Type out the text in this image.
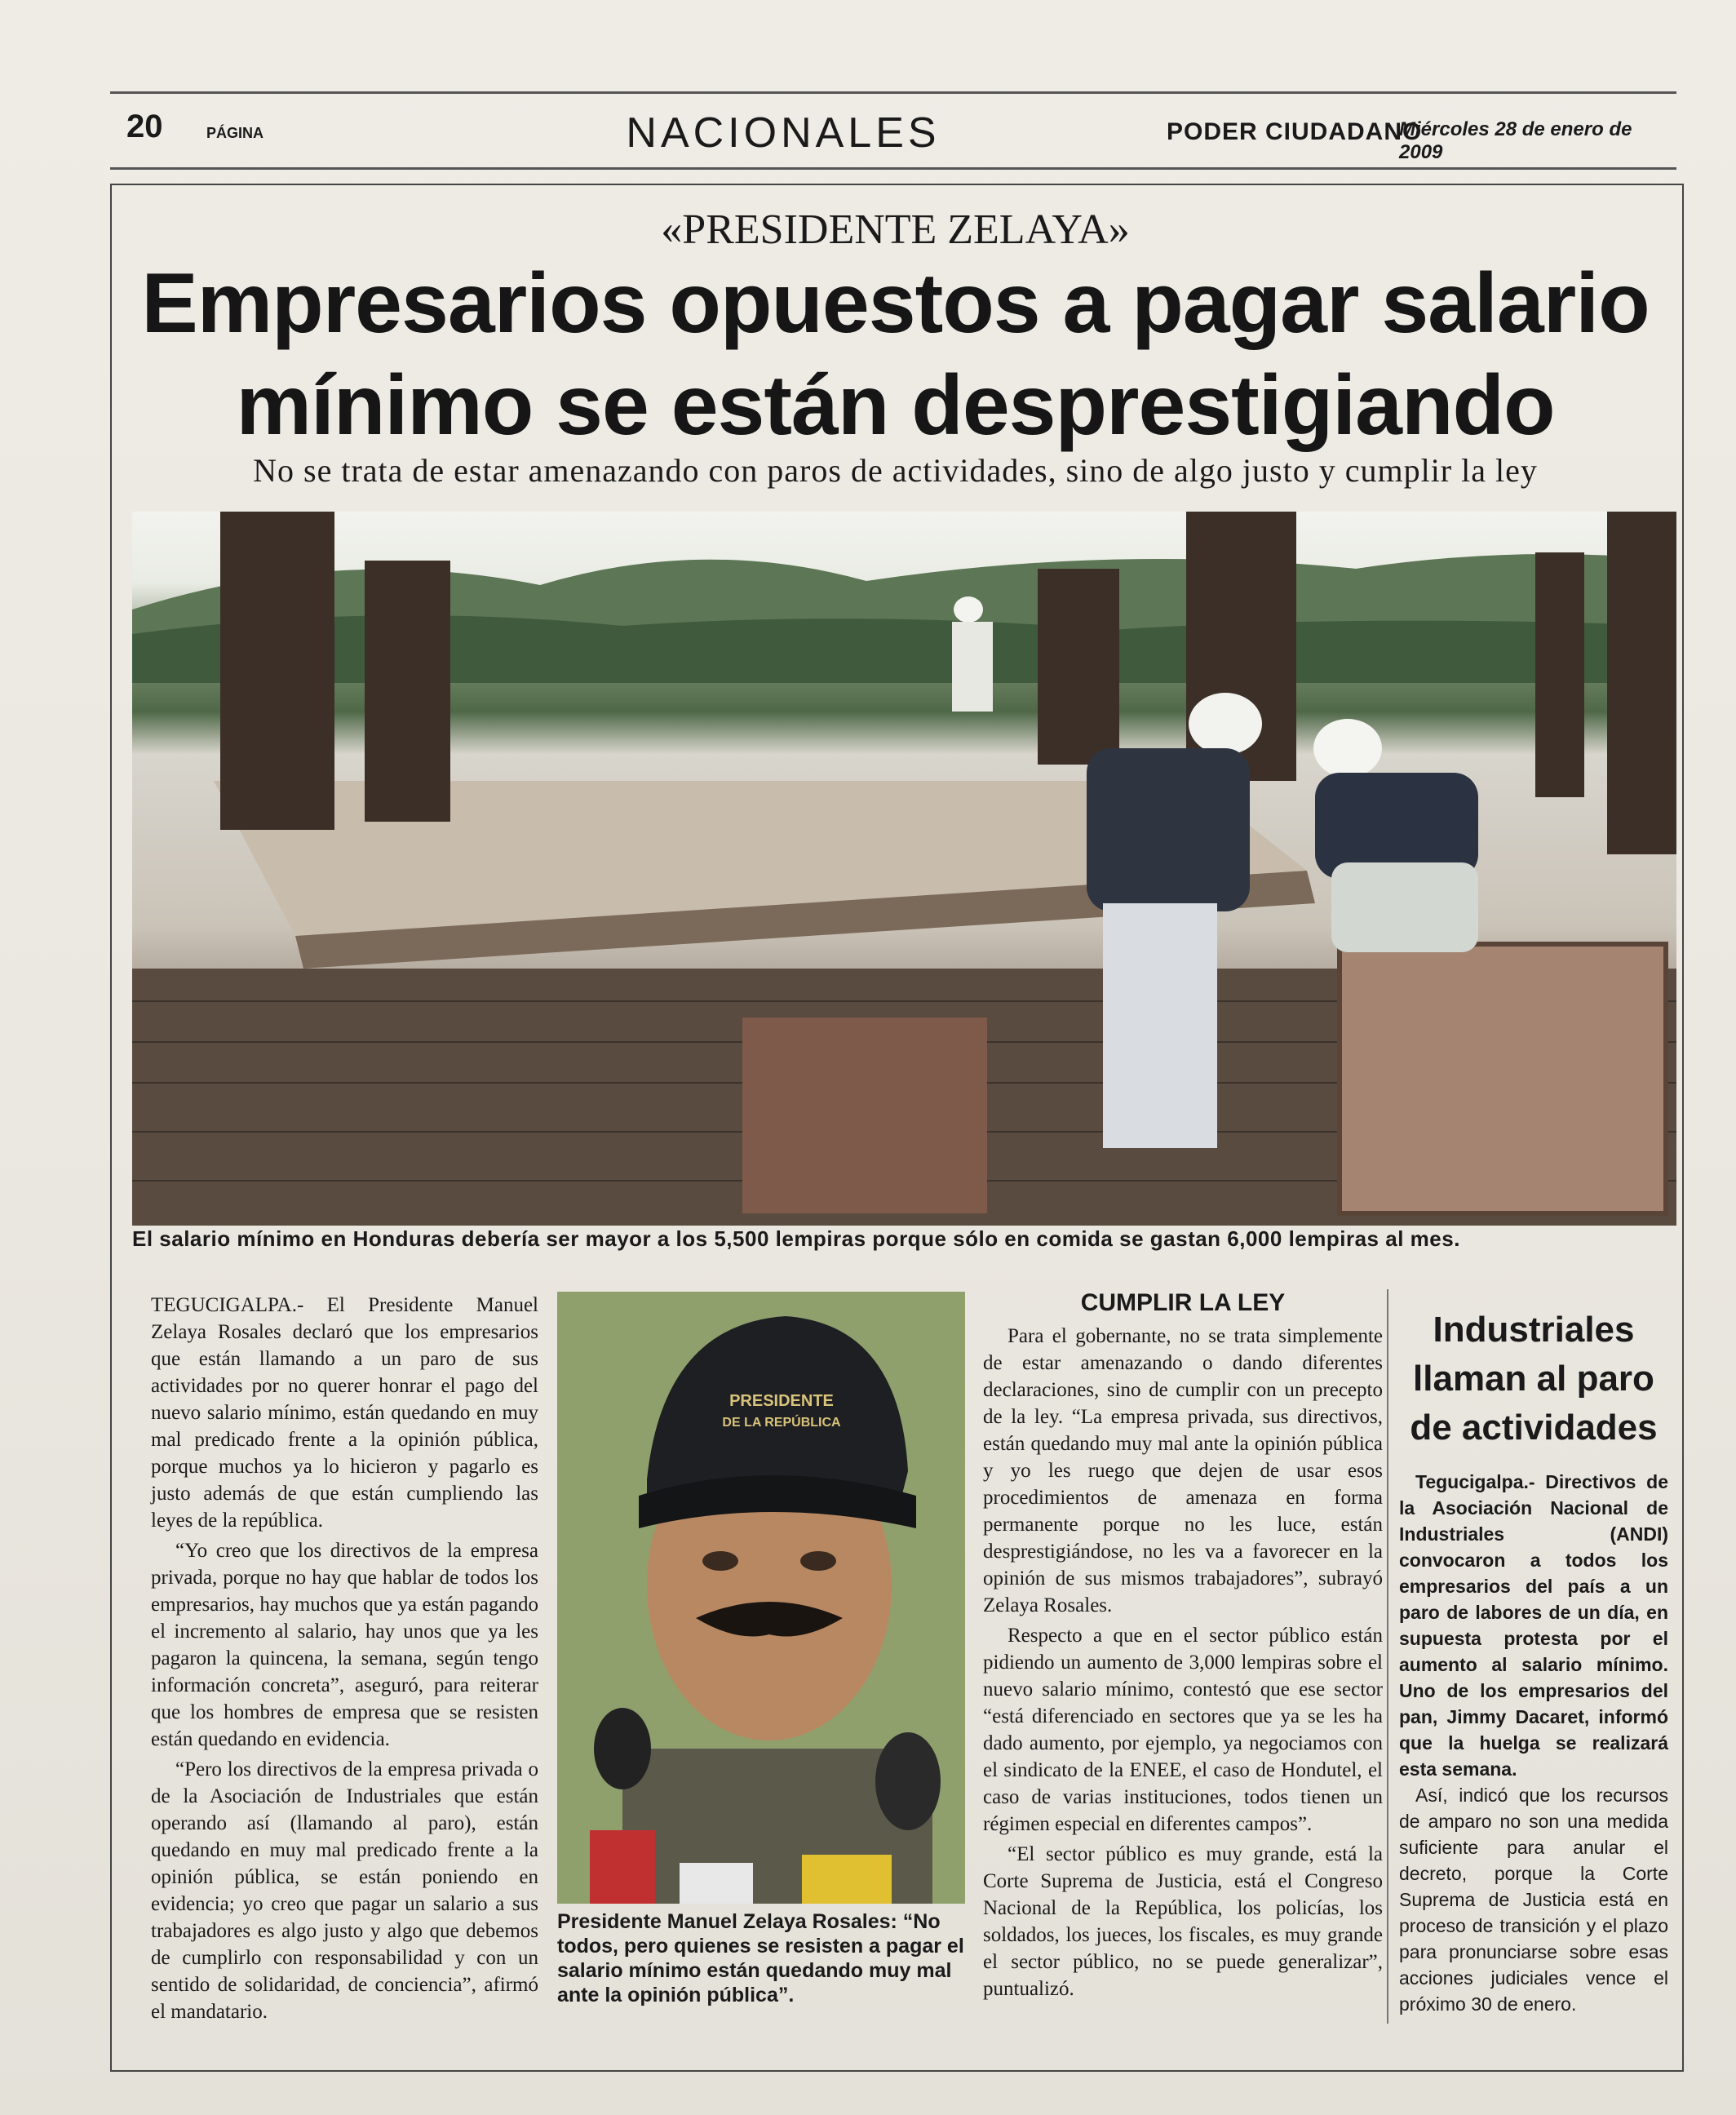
20	PÁGINA	NACIONALES	PODER CIUDADANO
Miércoles 28 de enero de 2009
«PRESIDENTE ZELAYA»
Empresarios opuestos a pagar salario
mínimo se están desprestigiando
No se trata de estar amenazando con paros de actividades, sino de algo justo y cumplir la ley
El salario mínimo en Honduras debería ser mayor a los 5,500 lempiras porque sólo en comida se gastan 6,000 lempiras al mes.

TEGUCIGALPA.- El Presidente Manuel Zelaya Rosales declaró que los empresarios que están llamando a un paro de sus actividades por no querer honrar el pago del nuevo salario mínimo, están quedando en muy mal predicado frente a la opinión pública, porque muchos ya lo hicieron y pagarlo es justo además de que están cumpliendo las leyes de la república.

“Yo creo que los directivos de la empresa privada, porque no hay que hablar de todos los empresarios, hay muchos que ya están pagando el incremento al salario, hay unos que ya les pagaron la quincena, la semana, según tengo información concreta”, aseguró, para reiterar que los hombres de empresa que se resisten están quedando en evidencia.

“Pero los directivos de la empresa privada o de la Asociación de Industriales que están operando así (llamando al paro), están quedando en muy mal predicado frente a la opinión pública, se están poniendo en evidencia; yo creo que pagar un salario a sus trabajadores es algo justo y algo que debemos de cumplirlo con responsabilidad y con un sentido de solidaridad, de conciencia”, afirmó el mandatario.

PRESIDENTE
DE LA REPÚBLICA
Presidente Manuel Zelaya Rosales: “No todos, pero quienes se resisten a pagar el salario mínimo están quedando muy mal ante la opinión pública”.
CUMPLIR LA LEY

Para el gobernante, no se trata simplemente de estar amenazando o dando diferentes declaraciones, sino de cumplir con un precepto de la ley. “La empresa privada, sus directivos, están quedando muy mal ante la opinión pública y yo les ruego que dejen de usar esos procedimientos de amenaza en forma permanente porque no les luce, están desprestigiándose, no les va a favorecer en la opinión de sus mismos trabajadores”, subrayó Zelaya Rosales.

Respecto a que en el sector público están pidiendo un aumento de 3,000 lempiras sobre el nuevo salario mínimo, contestó que ese sector “está diferenciado en sectores que ya se les ha dado aumento, por ejemplo, ya negociamos con el sindicato de la ENEE, el caso de Hondutel, el caso de varias instituciones, todos tienen un régimen especial en diferentes campos”.

“El sector público es muy grande, está la Corte Suprema de Justicia, está el Congreso Nacional de la República, los policías, los soldados, los jueces, los fiscales, es muy grande el sector público, no se puede generalizar”, puntualizó.

Industriales llaman al paro de actividades

Tegucigalpa.- Directivos de la Asociación Nacional de Industriales (ANDI) convocaron a todos los empresarios del país a un paro de labores de un día, en supuesta protesta por el aumento al salario mínimo. Uno de los empresarios del pan, Jimmy Dacaret, informó que la huelga se realizará esta semana.

Así, indicó que los recursos de amparo no son una medida suficiente para anular el decreto, porque la Corte Suprema de Justicia está en proceso de transición y el plazo para pronunciarse sobre esas acciones judiciales vence el próximo 30 de enero.
